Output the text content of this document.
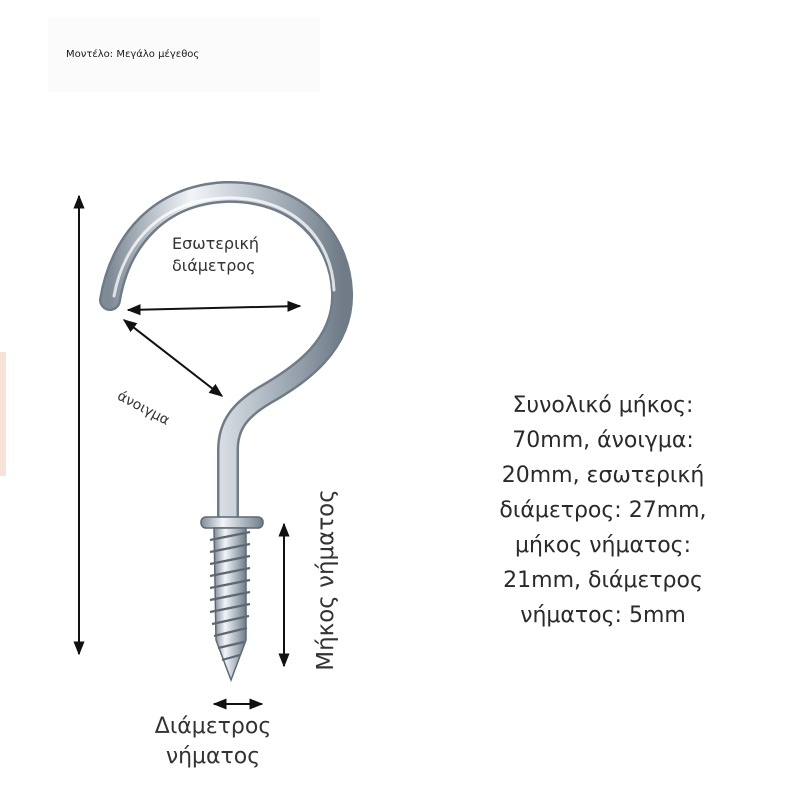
Μοντέλο: Μεγάλο μέγεθος
Εσωτερική διάμετρος
άνοιγμα
Μήκος νήματος
Διάμετρος νήματος
Συνολικό μήκος: 70mm, άνοιγμα: 20mm, εσωτερική διάμετρος: 27mm, μήκος νήματος: 21mm, διάμετρος νήματος: 5mm
